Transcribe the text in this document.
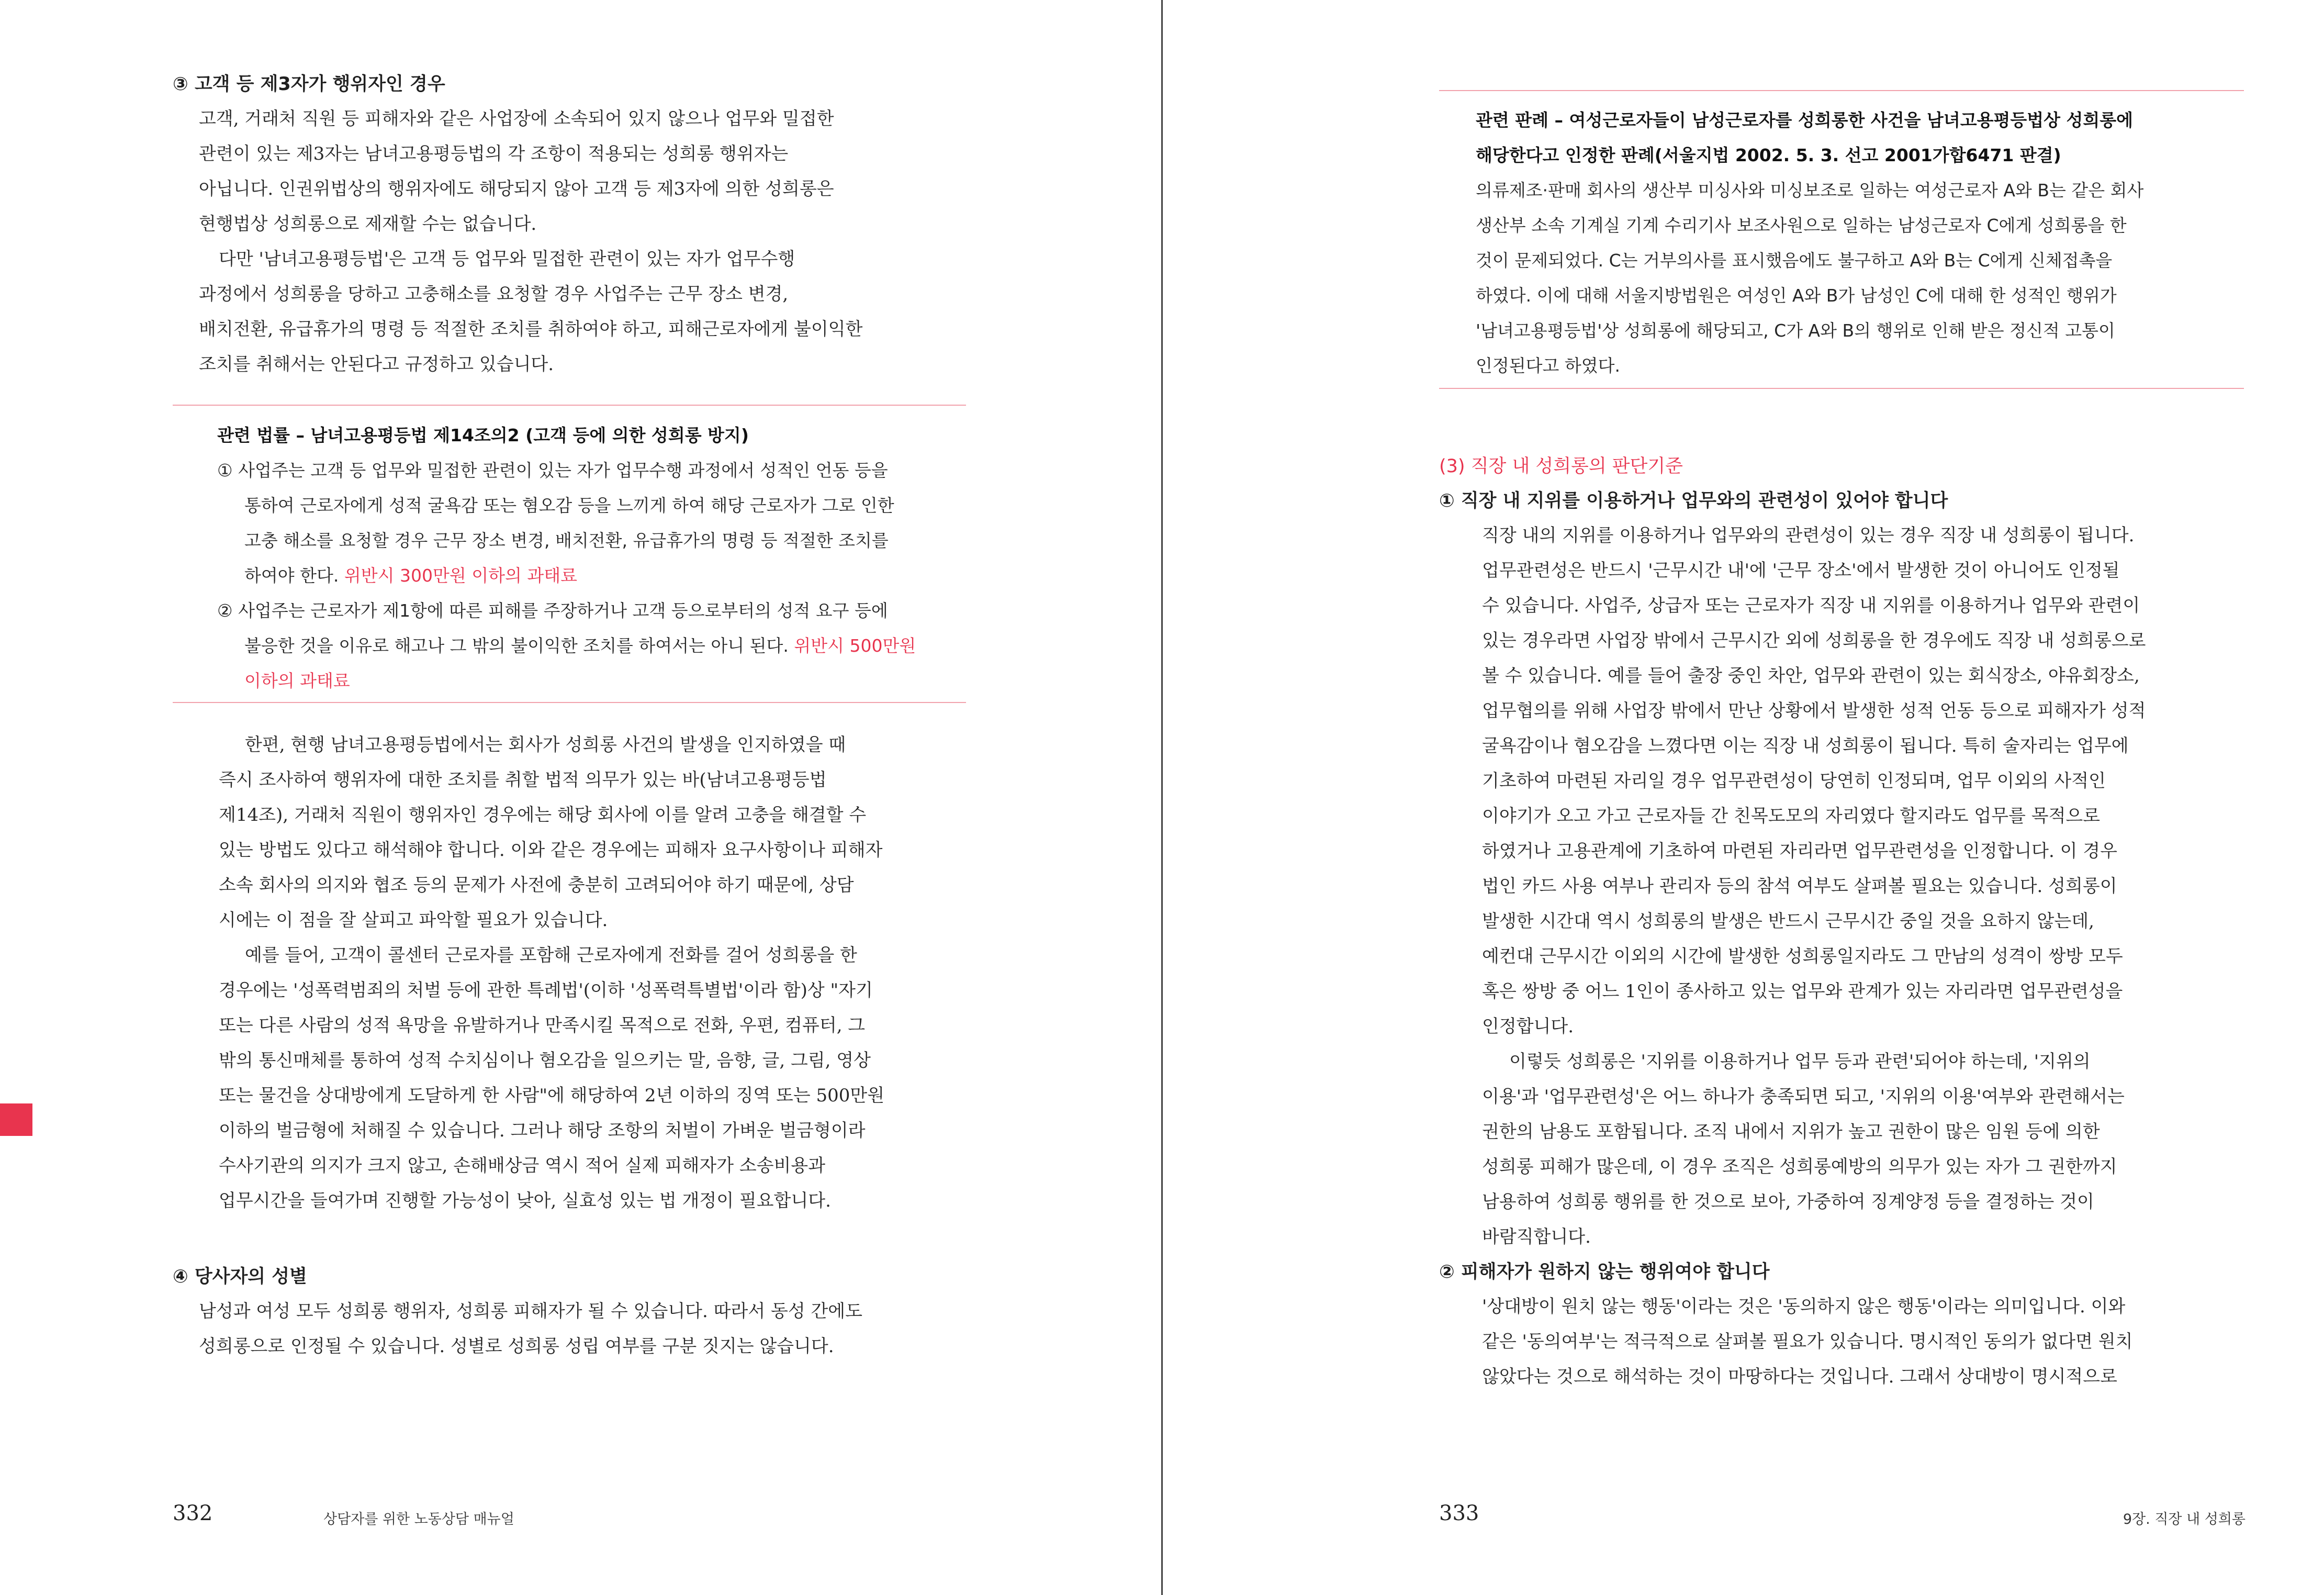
③ 고객 등 제3자가 행위자인 경우
고객, 거래처 직원 등 피해자와 같은 사업장에 소속되어 있지 않으나 업무와 밀접한
관련이 있는 제3자는 남녀고용평등법의 각 조항이 적용되는 성희롱 행위자는
아닙니다. 인권위법상의 행위자에도 해당되지 않아 고객 등 제3자에 의한 성희롱은
현행법상 성희롱으로 제재할 수는 없습니다.
다만 '남녀고용평등법'은 고객 등 업무와 밀접한 관련이 있는 자가 업무수행
과정에서 성희롱을 당하고 고충해소를 요청할 경우 사업주는 근무 장소 변경,
배치전환, 유급휴가의 명령 등 적절한 조치를 취하여야 하고, 피해근로자에게 불이익한
조치를 취해서는 안된다고 규정하고 있습니다.
관련 법률 – 남녀고용평등법 제14조의2 (고객 등에 의한 성희롱 방지)
① 사업주는 고객 등 업무와 밀접한 관련이 있는 자가 업무수행 과정에서 성적인 언동 등을
통하여 근로자에게 성적 굴욕감 또는 혐오감 등을 느끼게 하여 해당 근로자가 그로 인한
고충 해소를 요청할 경우 근무 장소 변경, 배치전환, 유급휴가의 명령 등 적절한 조치를
하여야 한다. 위반시 300만원 이하의 과태료
② 사업주는 근로자가 제1항에 따른 피해를 주장하거나 고객 등으로부터의 성적 요구 등에
불응한 것을 이유로 해고나 그 밖의 불이익한 조치를 하여서는 아니 된다. 위반시 500만원
이하의 과태료
한편, 현행 남녀고용평등법에서는 회사가 성희롱 사건의 발생을 인지하였을 때
즉시 조사하여 행위자에 대한 조치를 취할 법적 의무가 있는 바(남녀고용평등법
제14조), 거래처 직원이 행위자인 경우에는 해당 회사에 이를 알려 고충을 해결할 수
있는 방법도 있다고 해석해야 합니다. 이와 같은 경우에는 피해자 요구사항이나 피해자
소속 회사의 의지와 협조 등의 문제가 사전에 충분히 고려되어야 하기 때문에, 상담
시에는 이 점을 잘 살피고 파악할 필요가 있습니다.
예를 들어, 고객이 콜센터 근로자를 포함해 근로자에게 전화를 걸어 성희롱을 한
경우에는 '성폭력범죄의 처벌 등에 관한 특례법'(이하 '성폭력특별법'이라 함)상 "자기
또는 다른 사람의 성적 욕망을 유발하거나 만족시킬 목적으로 전화, 우편, 컴퓨터, 그
밖의 통신매체를 통하여 성적 수치심이나 혐오감을 일으키는 말, 음향, 글, 그림, 영상
또는 물건을 상대방에게 도달하게 한 사람"에 해당하여 2년 이하의 징역 또는 500만원
이하의 벌금형에 처해질 수 있습니다. 그러나 해당 조항의 처벌이 가벼운 벌금형이라
수사기관의 의지가 크지 않고, 손해배상금 역시 적어 실제 피해자가 소송비용과
업무시간을 들여가며 진행할 가능성이 낮아, 실효성 있는 법 개정이 필요합니다.
④ 당사자의 성별
남성과 여성 모두 성희롱 행위자, 성희롱 피해자가 될 수 있습니다. 따라서 동성 간에도
성희롱으로 인정될 수 있습니다. 성별로 성희롱 성립 여부를 구분 짓지는 않습니다.
332	상담자를 위한 노동상담 매뉴얼
관련 판례 – 여성근로자들이 남성근로자를 성희롱한 사건을 남녀고용평등법상 성희롱에
해당한다고 인정한 판례(서울지법 2002. 5. 3. 선고 2001가합6471 판결)
의류제조·판매 회사의 생산부 미싱사와 미싱보조로 일하는 여성근로자 A와 B는 같은 회사
생산부 소속 기계실 기계 수리기사 보조사원으로 일하는 남성근로자 C에게 성희롱을 한
것이 문제되었다. C는 거부의사를 표시했음에도 불구하고 A와 B는 C에게 신체접촉을
하였다. 이에 대해 서울지방법원은 여성인 A와 B가 남성인 C에 대해 한 성적인 행위가
'남녀고용평등법'상 성희롱에 해당되고, C가 A와 B의 행위로 인해 받은 정신적 고통이
인정된다고 하였다.
(3) 직장 내 성희롱의 판단기준
① 직장 내 지위를 이용하거나 업무와의 관련성이 있어야 합니다
직장 내의 지위를 이용하거나 업무와의 관련성이 있는 경우 직장 내 성희롱이 됩니다.
업무관련성은 반드시 '근무시간 내'에 '근무 장소'에서 발생한 것이 아니어도 인정될
수 있습니다. 사업주, 상급자 또는 근로자가 직장 내 지위를 이용하거나 업무와 관련이
있는 경우라면 사업장 밖에서 근무시간 외에 성희롱을 한 경우에도 직장 내 성희롱으로
볼 수 있습니다. 예를 들어 출장 중인 차안, 업무와 관련이 있는 회식장소, 야유회장소,
업무협의를 위해 사업장 밖에서 만난 상황에서 발생한 성적 언동 등으로 피해자가 성적
굴욕감이나 혐오감을 느꼈다면 이는 직장 내 성희롱이 됩니다. 특히 술자리는 업무에
기초하여 마련된 자리일 경우 업무관련성이 당연히 인정되며, 업무 이외의 사적인
이야기가 오고 가고 근로자들 간 친목도모의 자리였다 할지라도 업무를 목적으로
하였거나 고용관계에 기초하여 마련된 자리라면 업무관련성을 인정합니다. 이 경우
법인 카드 사용 여부나 관리자 등의 참석 여부도 살펴볼 필요는 있습니다. 성희롱이
발생한 시간대 역시 성희롱의 발생은 반드시 근무시간 중일 것을 요하지 않는데,
예컨대 근무시간 이외의 시간에 발생한 성희롱일지라도 그 만남의 성격이 쌍방 모두
혹은 쌍방 중 어느 1인이 종사하고 있는 업무와 관계가 있는 자리라면 업무관련성을
인정합니다.
이렇듯 성희롱은 '지위를 이용하거나 업무 등과 관련'되어야 하는데, '지위의
이용'과 '업무관련성'은 어느 하나가 충족되면 되고, '지위의 이용'여부와 관련해서는
권한의 남용도 포함됩니다. 조직 내에서 지위가 높고 권한이 많은 임원 등에 의한
성희롱 피해가 많은데, 이 경우 조직은 성희롱예방의 의무가 있는 자가 그 권한까지
남용하여 성희롱 행위를 한 것으로 보아, 가중하여 징계양정 등을 결정하는 것이
바람직합니다.
② 피해자가 원하지 않는 행위여야 합니다
'상대방이 원치 않는 행동'이라는 것은 '동의하지 않은 행동'이라는 의미입니다. 이와
같은 '동의여부'는 적극적으로 살펴볼 필요가 있습니다. 명시적인 동의가 없다면 원치
않았다는 것으로 해석하는 것이 마땅하다는 것입니다. 그래서 상대방이 명시적으로
333	9장. 직장 내 성희롱
